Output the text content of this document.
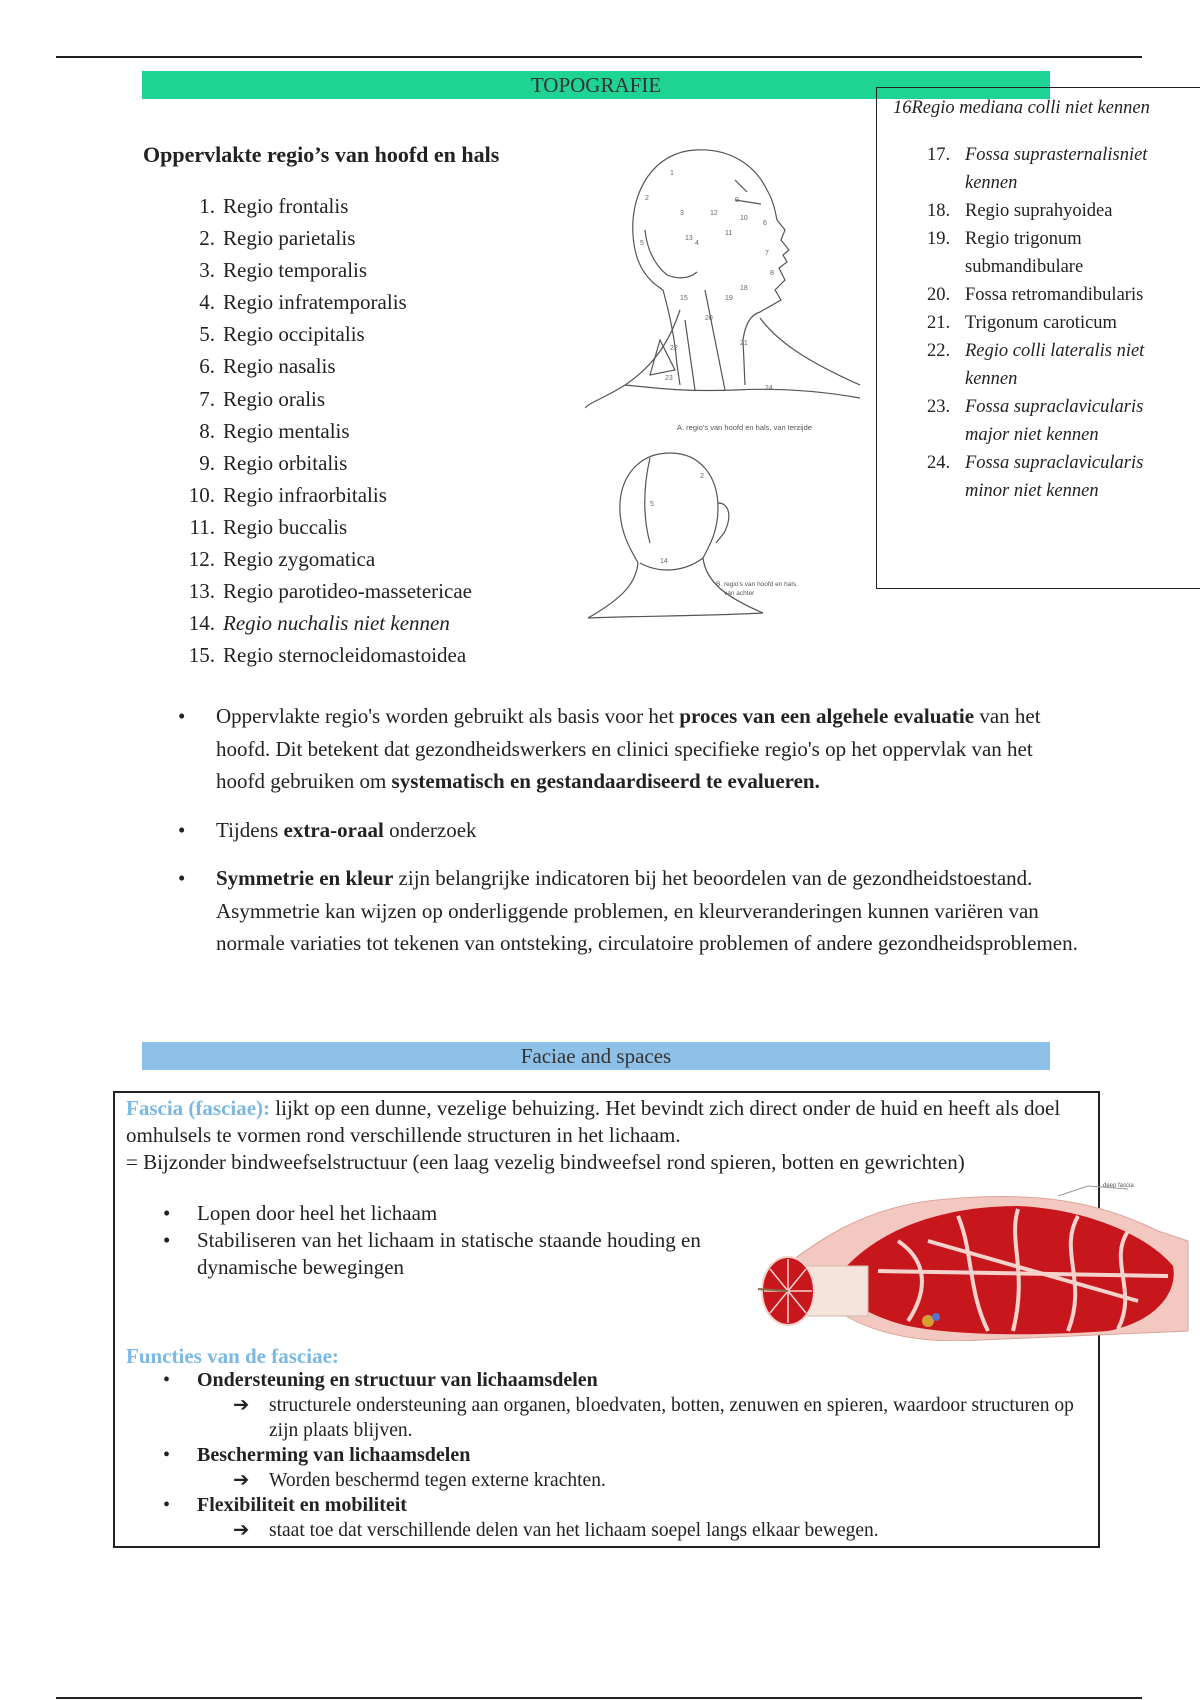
TOPOGRAFIE
Oppervlakte regio’s van hoofd en hals
1. Regio frontalis
2. Regio parietalis
3. Regio temporalis
4. Regio infratemporalis
5. Regio occipitalis
6. Regio nasalis
7. Regio oralis
8. Regio mentalis
9. Regio orbitalis
10. Regio infraorbitalis
11. Regio buccalis
12. Regio zygomatica
13. Regio parotideo-massetericae
14. Regio nuchalis niet kennen
15. Regio sternocleidomastoidea
16Regio mediana colli niet kennen
17. Fossa suprasternalisniet kennen
18. Regio suprahyoidea
19. Regio trigonum submandibulare
20. Fossa retromandibularis
21. Trigonum caroticum
22. Regio colli lateralis niet kennen
23. Fossa supraclavicularis major niet kennen
24. Fossa supraclavicularis minor niet kennen
1
2
3
4
5
6
7
8
9
10
11
12
13
15
18
19
20
21
22
23
24
A. regio’s van hoofd en hals, van terzijde
2
5
14
B. regio’s van hoofd en hals,
van achter
• Oppervlakte regio's worden gebruikt als basis voor het proces van een algehele evaluatie van het hoofd. Dit betekent dat gezondheidswerkers en clinici specifieke regio's op het oppervlak van het hoofd gebruiken om systematisch en gestandaardiseerd te evalueren.
• Tijdens extra-oraal onderzoek
• Symmetrie en kleur zijn belangrijke indicatoren bij het beoordelen van de gezondheidstoestand. Asymmetrie kan wijzen op onderliggende problemen, en kleurveranderingen kunnen variëren van normale variaties tot tekenen van ontsteking, circulatoire problemen of andere gezondheidsproblemen.
Faciae and spaces
Fascia (fasciae): lijkt op een dunne, vezelige behuizing. Het bevindt zich direct onder de huid en heeft als doel omhulsels te vormen rond verschillende structuren in het lichaam.
= Bijzonder bindweefselstructuur (een laag vezelig bindweefsel rond spieren, botten en gewrichten)
• Lopen door heel het lichaam
• Stabiliseren van het lichaam in statische staande houding en dynamische bewegingen
deep fascia
Functies van de fasciae:
• Ondersteuning en structuur van lichaamsdelen
➔ structurele ondersteuning aan organen, bloedvaten, botten, zenuwen en spieren, waardoor structuren op zijn plaats blijven.
• Bescherming van lichaamsdelen
➔ Worden beschermd tegen externe krachten.
• Flexibiliteit en mobiliteit
➔ staat toe dat verschillende delen van het lichaam soepel langs elkaar bewegen.
